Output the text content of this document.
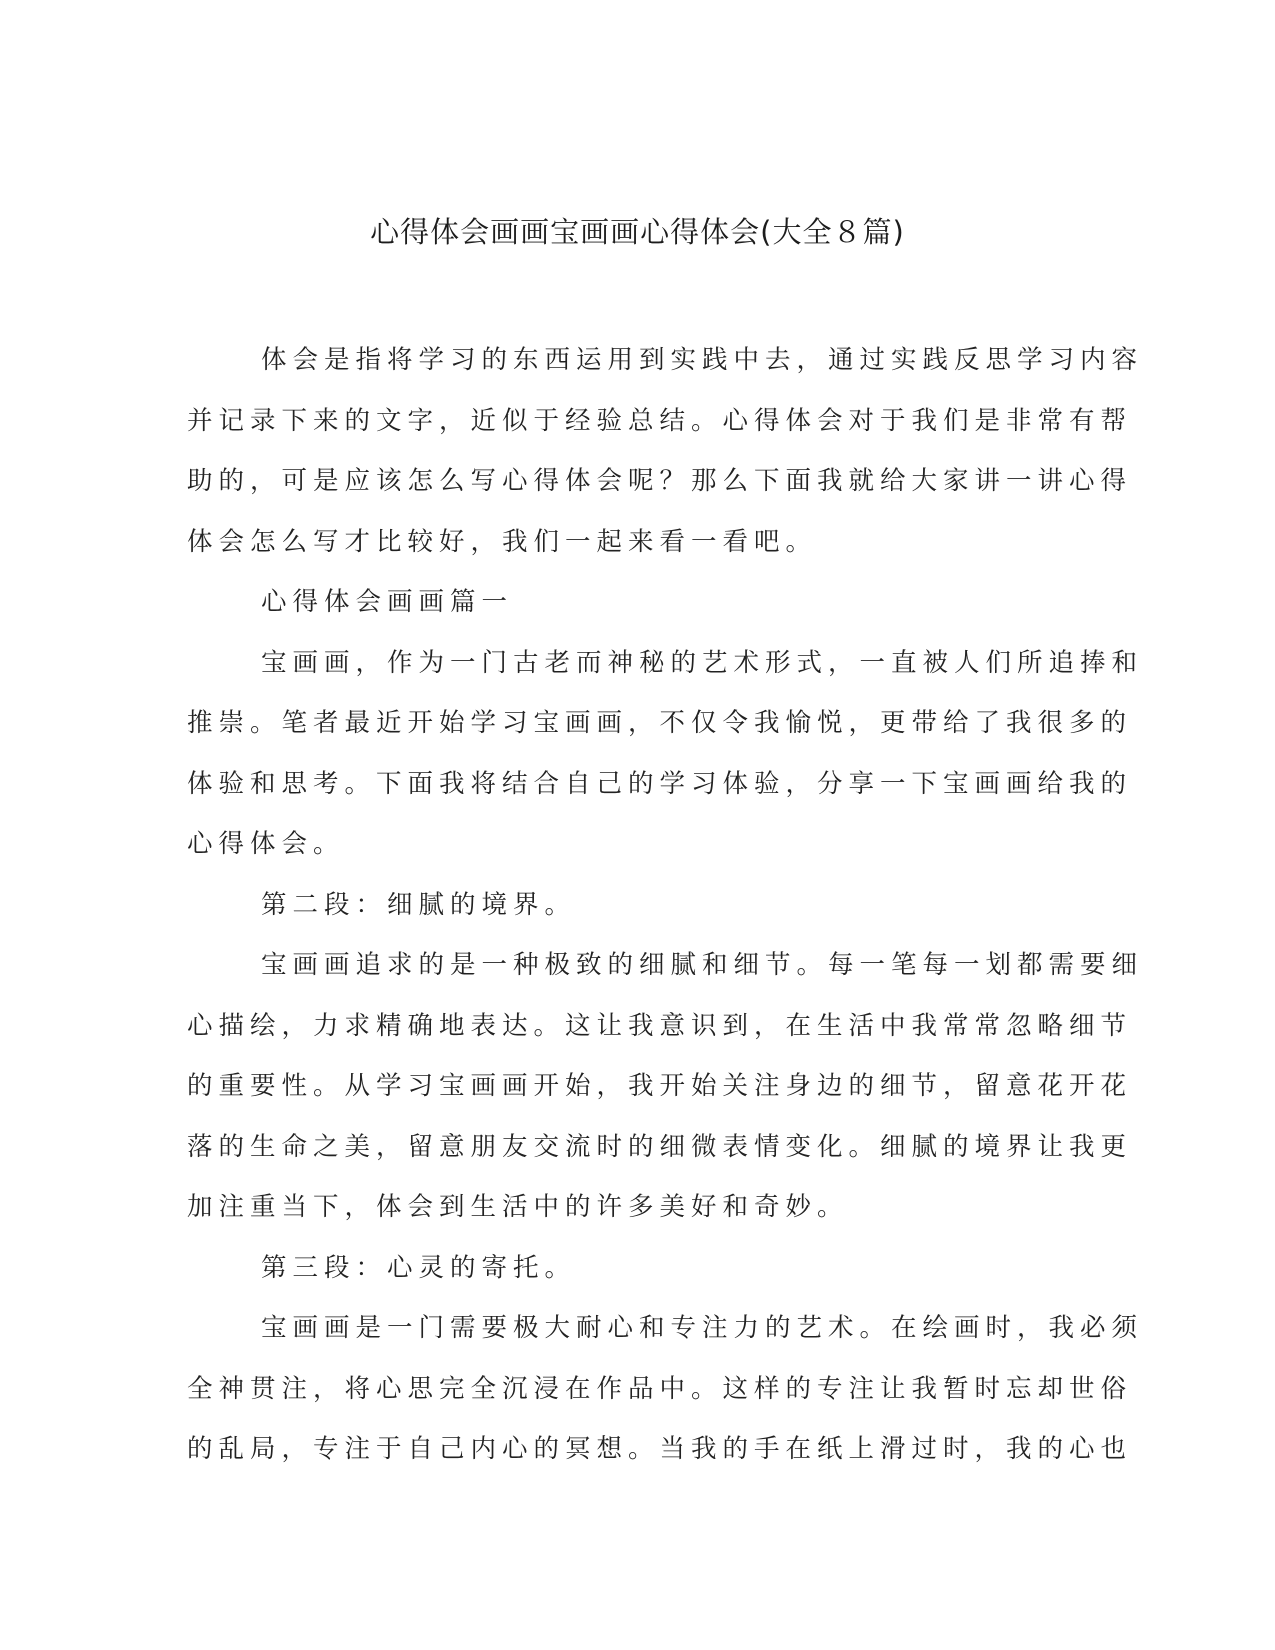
心得体会画画宝画画心得体会(大全８篇)

体会是指将学习的东西运用到实践中去，通过实践反思学习内容
并记录下来的文字，近似于经验总结。心得体会对于我们是非常有帮
助的，可是应该怎么写心得体会呢？那么下面我就给大家讲一讲心得
体会怎么写才比较好，我们一起来看一看吧。

心得体会画画篇一

宝画画，作为一门古老而神秘的艺术形式，一直被人们所追捧和
推崇。笔者最近开始学习宝画画，不仅令我愉悦，更带给了我很多的
体验和思考。下面我将结合自己的学习体验，分享一下宝画画给我的
心得体会。

第二段：细腻的境界。

宝画画追求的是一种极致的细腻和细节。每一笔每一划都需要细
心描绘，力求精确地表达。这让我意识到，在生活中我常常忽略细节
的重要性。从学习宝画画开始，我开始关注身边的细节，留意花开花
落的生命之美，留意朋友交流时的细微表情变化。细腻的境界让我更
加注重当下，体会到生活中的许多美好和奇妙。

第三段：心灵的寄托。

宝画画是一门需要极大耐心和专注力的艺术。在绘画时，我必须
全神贯注，将心思完全沉浸在作品中。这样的专注让我暂时忘却世俗
的乱局，专注于自己内心的冥想。当我的手在纸上滑过时，我的心也
